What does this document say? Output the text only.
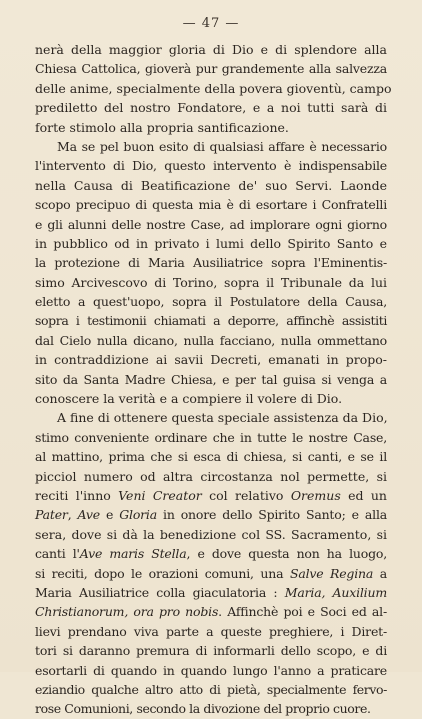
— 47 —
nerà della maggior gloria di Dio e di splendore alla
Chiesa Cattolica, gioverà pur grandemente alla salvezza
delle anime, specialmente della povera gioventù, campo
prediletto del nostro Fondatore, e a noi tutti sarà di
forte stimolo alla propria santificazione.
Ma se pel buon esito di qualsiasi affare è necessario
l'intervento di Dio, questo intervento è indispensabile
nella Causa di Beatificazione de' suo Servi. Laonde
scopo precipuo di questa mia è di esortare i Confratelli
e gli alunni delle nostre Case, ad implorare ogni giorno
in pubblico od in privato i lumi dello Spirito Santo e
la protezione di Maria Ausiliatrice sopra l'Eminentis-
simo Arcivescovo di Torino, sopra il Tribunale da lui
eletto a quest'uopo, sopra il Postulatore della Causa,
sopra i testimonii chiamati a deporre, affinchè assistiti
dal Cielo nulla dicano, nulla facciano, nulla ommettano
in contraddizione ai savii Decreti, emanati in propo-
sito da Santa Madre Chiesa, e per tal guisa si venga a
conoscere la verità e a compiere il volere di Dio.
A fine di ottenere questa speciale assistenza da Dio,
stimo conveniente ordinare che in tutte le nostre Case,
al mattino, prima che si esca di chiesa, si canti, e se il
picciol numero od altra circostanza nol permette, si
reciti l'inno Veni Creator col relativo Oremus ed un
Pater, Ave e Gloria in onore dello Spirito Santo; e alla
sera, dove si dà la benedizione col SS. Sacramento, si
canti l'Ave maris Stella, e dove questa non ha luogo,
si reciti, dopo le orazioni comuni, una Salve Regina a
Maria Ausiliatrice colla giaculatoria : Maria, Auxilium
Christianorum, ora pro nobis. Affinchè poi e Soci ed al-
lievi prendano viva parte a queste preghiere, i Diret-
tori si daranno premura di informarli dello scopo, e di
esortarli di quando in quando lungo l'anno a praticare
eziandio qualche altro atto di pietà, specialmente fervo-
rose Comunioni, secondo la divozione del proprio cuore.
